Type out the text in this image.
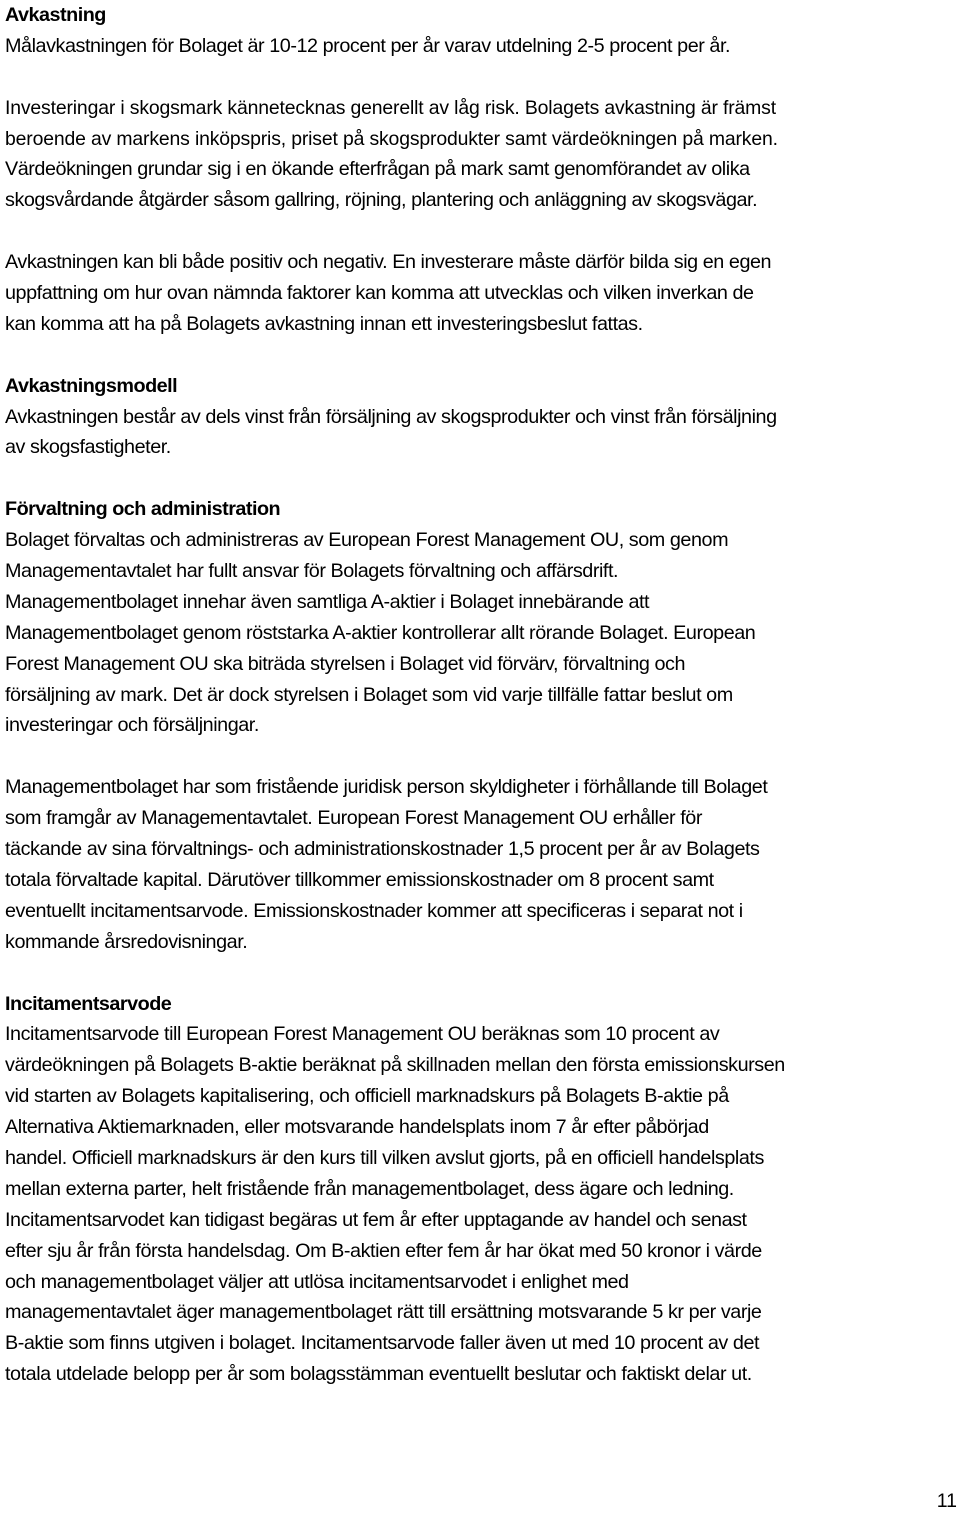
Avkastning
Målavkastningen för Bolaget är 10-12 procent per år varav utdelning 2-5 procent per år.
Investeringar i skogsmark kännetecknas generellt av låg risk. Bolagets avkastning är främst
beroende av markens inköpspris, priset på skogsprodukter samt värdeökningen på marken.
Värdeökningen grundar sig i en ökande efterfrågan på mark samt genomförandet av olika
skogsvårdande åtgärder såsom gallring, röjning, plantering och anläggning av skogsvägar.
Avkastningen kan bli både positiv och negativ. En investerare måste därför bilda sig en egen
uppfattning om hur ovan nämnda faktorer kan komma att utvecklas och vilken inverkan de
kan komma att ha på Bolagets avkastning innan ett investeringsbeslut fattas.
Avkastningsmodell
Avkastningen består av dels vinst från försäljning av skogsprodukter och vinst från försäljning
av skogsfastigheter.
Förvaltning och administration
Bolaget förvaltas och administreras av European Forest Management OU, som genom
Managementavtalet har fullt ansvar för Bolagets förvaltning och affärsdrift.
Managementbolaget innehar även samtliga A-aktier i Bolaget innebärande att
Managementbolaget genom röststarka A-aktier kontrollerar allt rörande Bolaget. European
Forest Management OU ska biträda styrelsen i Bolaget vid förvärv, förvaltning och
försäljning av mark. Det är dock styrelsen i Bolaget som vid varje tillfälle fattar beslut om
investeringar och försäljningar.
Managementbolaget har som fristående juridisk person skyldigheter i förhållande till Bolaget
som framgår av Managementavtalet. European Forest Management OU erhåller för
täckande av sina förvaltnings- och administrationskostnader 1,5 procent per år av Bolagets
totala förvaltade kapital. Därutöver tillkommer emissionskostnader om 8 procent samt
eventuellt incitamentsarvode. Emissionskostnader kommer att specificeras i separat not i
kommande årsredovisningar.
Incitamentsarvode
Incitamentsarvode till European Forest Management OU beräknas som 10 procent av
värdeökningen på Bolagets B-aktie beräknat på skillnaden mellan den första emissionskursen
vid starten av Bolagets kapitalisering, och officiell marknadskurs på Bolagets B-aktie på
Alternativa Aktiemarknaden, eller motsvarande handelsplats inom 7 år efter påbörjad
handel. Officiell marknadskurs är den kurs till vilken avslut gjorts, på en officiell handelsplats
mellan externa parter, helt fristående från managementbolaget, dess ägare och ledning.
Incitamentsarvodet kan tidigast begäras ut fem år efter upptagande av handel och senast
efter sju år från första handelsdag. Om B-aktien efter fem år har ökat med 50 kronor i värde
och managementbolaget väljer att utlösa incitamentsarvodet i enlighet med
managementavtalet äger managementbolaget rätt till ersättning motsvarande 5 kr per varje
B-aktie som finns utgiven i bolaget. Incitamentsarvode faller även ut med 10 procent av det
totala utdelade belopp per år som bolagsstämman eventuellt beslutar och faktiskt delar ut.
11
